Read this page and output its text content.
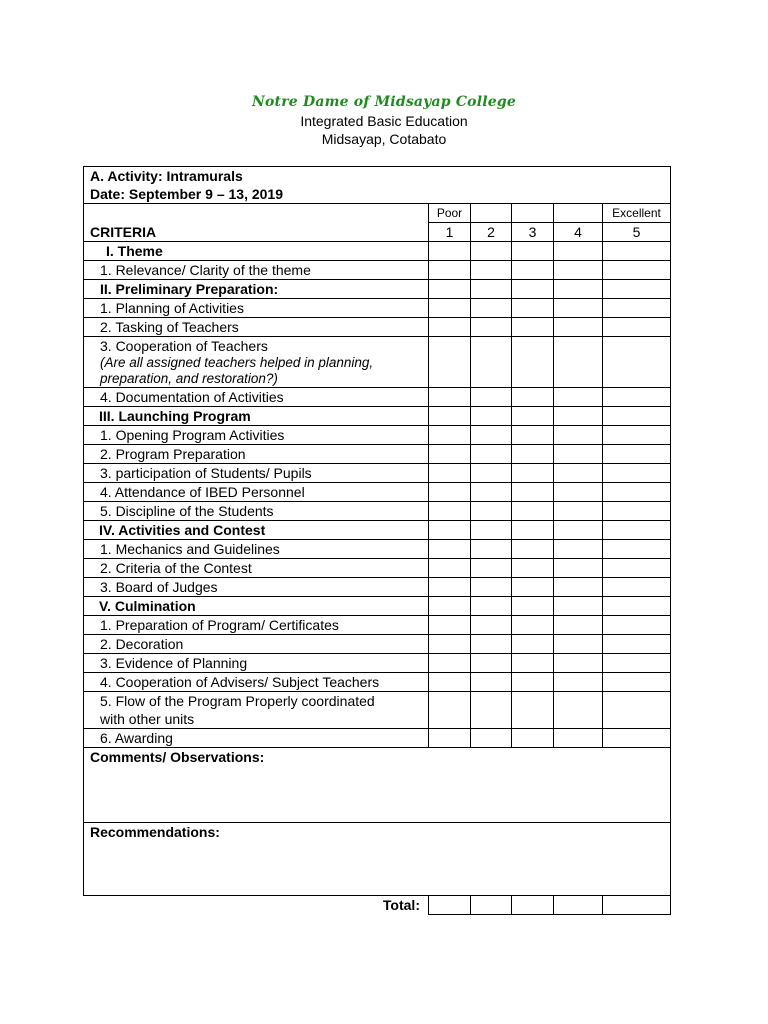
Notre Dame of Midsayap College
Integrated Basic Education
Midsayap, Cotabato
A. Activity: Intramurals
Date: September 9 – 13, 2019					

CRITERIA	Poor				Excellent
	1	2	3	4	5
I. Theme					
1. Relevance/ Clarity of the theme					
II. Preliminary Preparation:					
1. Planning of Activities					
2. Tasking of Teachers					
3. Cooperation of Teachers
(Are all assigned teachers helped in planning,
preparation, and restoration?)					

4. Documentation of Activities					
III. Launching Program					
1. Opening Program Activities					
2. Program Preparation					
3. participation of Students/ Pupils					
4. Attendance of IBED Personnel					
5. Discipline of the Students					
IV. Activities and Contest					
1. Mechanics and Guidelines					
2. Criteria of the Contest					
3. Board of Judges					
V. Culmination					
1. Preparation of Program/ Certificates					
2. Decoration					
3. Evidence of Planning					
4. Cooperation of Advisers/ Subject Teachers					

5. Flow of the Program Properly coordinated
with other units					

6. Awarding					
Comments/ Observations:					
Recommendations:					
Total:					
